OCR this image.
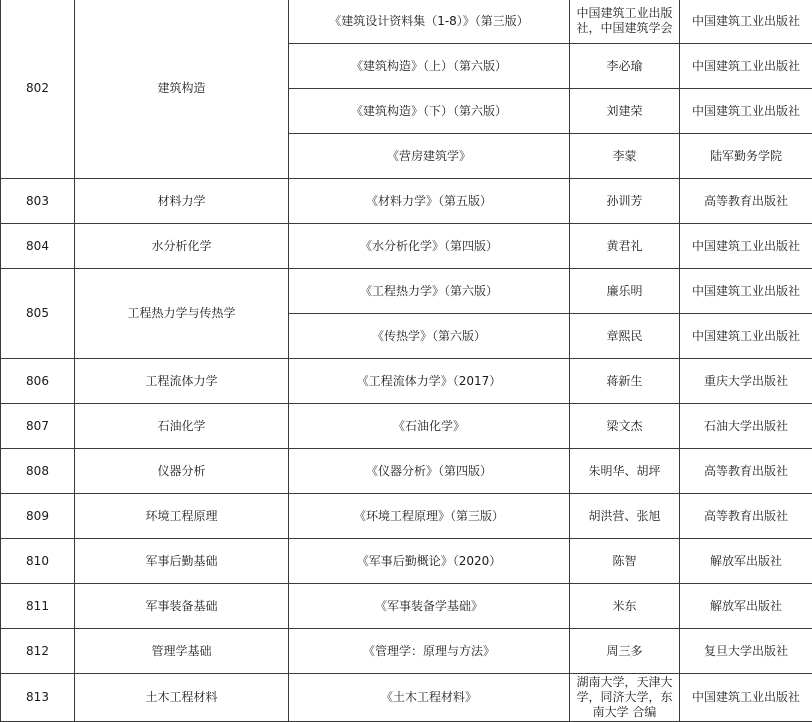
802	建筑构造	《建筑设计资料集（1-8）》（第三版）	中国建筑工业出版社，中国建筑学会	中国建筑工业出版社
		《建筑构造》（上）（第六版）	李必瑜	中国建筑工业出版社
		《建筑构造》（下）（第六版）	刘建荣	中国建筑工业出版社
		《营房建筑学》	李蒙	陆军勤务学院
803	材料力学	《材料力学》（第五版）	孙训芳	高等教育出版社
804	水分析化学	《水分析化学》（第四版）	黄君礼	中国建筑工业出版社
805	工程热力学与传热学	《工程热力学》（第六版）	廉乐明	中国建筑工业出版社
		《传热学》（第六版）	章熙民	中国建筑工业出版社
806	工程流体力学	《工程流体力学》（2017）	蒋新生	重庆大学出版社
807	石油化学	《石油化学》	梁文杰	石油大学出版社
808	仪器分析	《仪器分析》（第四版）	朱明华、胡坪	高等教育出版社
809	环境工程原理	《环境工程原理》（第三版）	胡洪营、张旭	高等教育出版社
810	军事后勤基础	《军事后勤概论》（2020）	陈智	解放军出版社
811	军事装备基础	《军事装备学基础》	米东	解放军出版社
812	管理学基础	《管理学：原理与方法》	周三多	复旦大学出版社
813	土木工程材料	《土木工程材料》	湖南大学，天津大学，同济大学，东南大学 合编	中国建筑工业出版社
